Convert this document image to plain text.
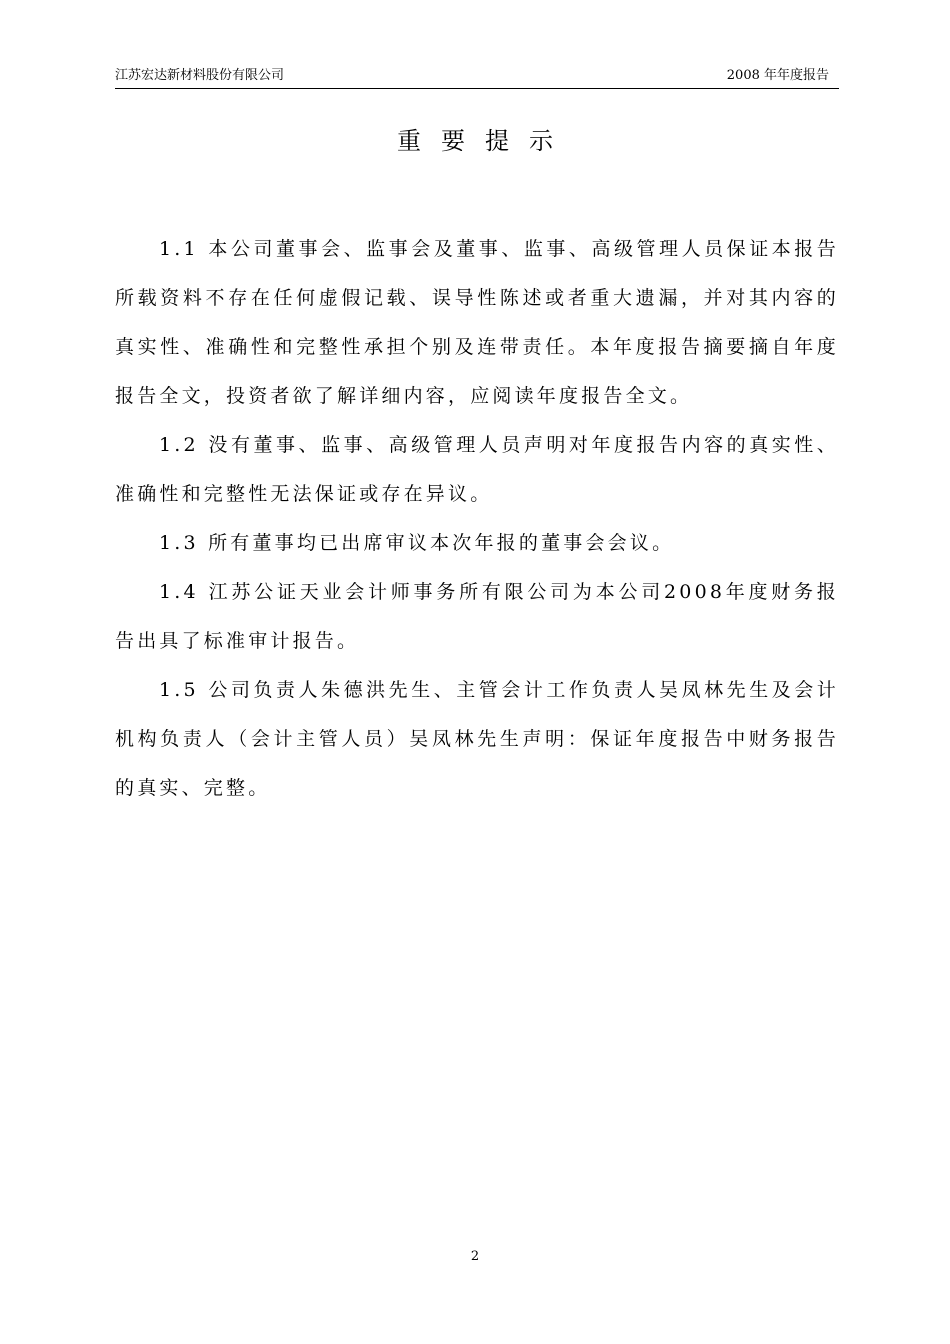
江苏宏达新材料股份有限公司	2008 年年度报告
重要提示

1.1 本公司董事会、监事会及董事、监事、高级管理人员保证本报告所载资料不存在任何虚假记载、误导性陈述或者重大遗漏，并对其内容的真实性、准确性和完整性承担个别及连带责任。本年度报告摘要摘自年度报告全文，投资者欲了解详细内容，应阅读年度报告全文。

1.2 没有董事、监事、高级管理人员声明对年度报告内容的真实性、准确性和完整性无法保证或存在异议。

1.3 所有董事均已出席审议本次年报的董事会会议。

1.4 江苏公证天业会计师事务所有限公司为本公司2008年度财务报告出具了标准审计报告。

1.5 公司负责人朱德洪先生、主管会计工作负责人吴凤林先生及会计机构负责人（会计主管人员）吴凤林先生声明：保证年度报告中财务报告的真实、完整。

2
